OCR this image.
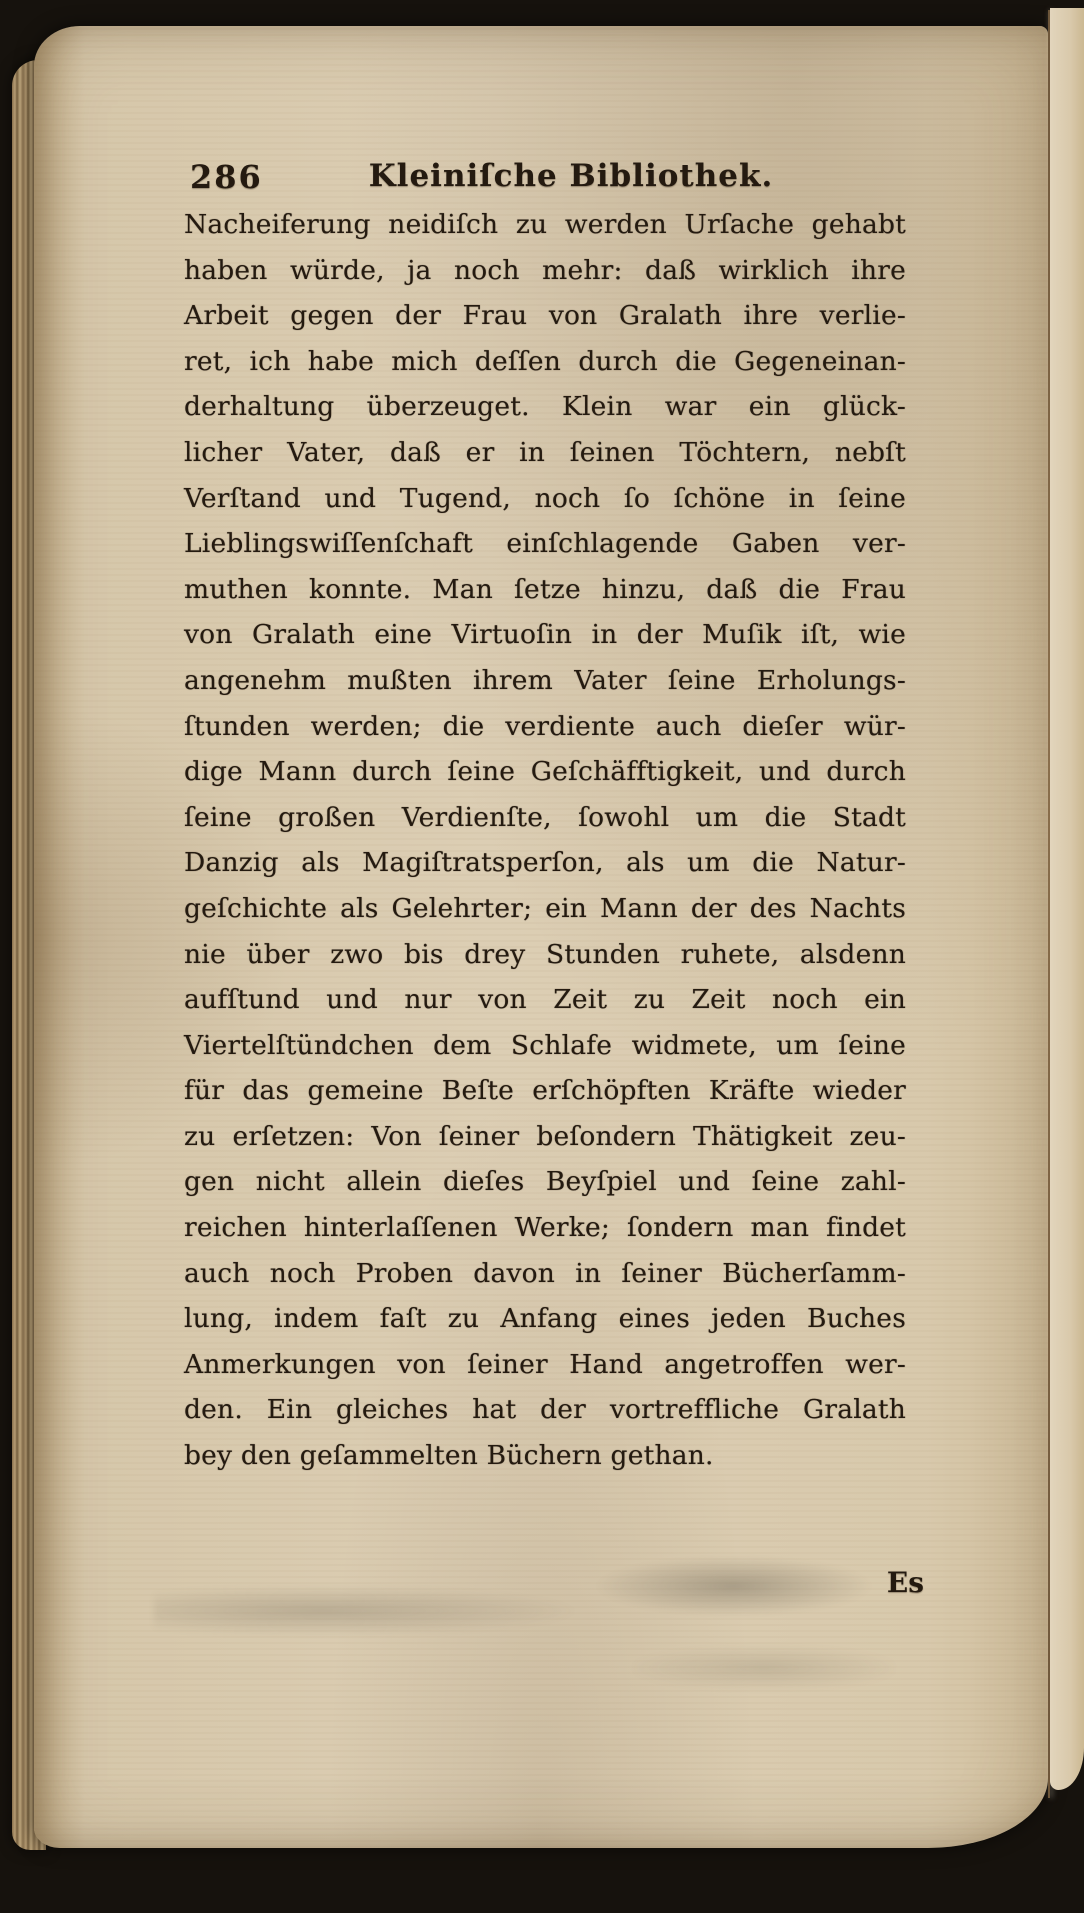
286	Kleiniſche Bibliothek.
Nacheiferung neidiſch zu werden Urſache gehabt
haben würde, ja noch mehr: daß wirklich ihre
Arbeit gegen der Frau von Gralath ihre verlie-
ret, ich habe mich deſſen durch die Gegeneinan-
derhaltung überzeuget. Klein war ein glück-
licher Vater, daß er in ſeinen Töchtern, nebſt
Verſtand und Tugend, noch ſo ſchöne in ſeine
Lieblingswiſſenſchaft einſchlagende Gaben ver-
muthen konnte. Man ſetze hinzu, daß die Frau
von Gralath eine Virtuoſin in der Muſik iſt, wie
angenehm mußten ihrem Vater ſeine Erholungs-
ſtunden werden; die verdiente auch dieſer wür-
dige Mann durch ſeine Geſchäfftigkeit, und durch
ſeine großen Verdienſte, ſowohl um die Stadt
Danzig als Magiſtratsperſon, als um die Natur-
geſchichte als Gelehrter; ein Mann der des Nachts
nie über zwo bis drey Stunden ruhete, alsdenn
aufſtund und nur von Zeit zu Zeit noch ein
Viertelſtündchen dem Schlafe widmete, um ſeine
für das gemeine Beſte erſchöpften Kräfte wieder
zu erſetzen: Von ſeiner beſondern Thätigkeit zeu-
gen nicht allein dieſes Beyſpiel und ſeine zahl-
reichen hinterlaſſenen Werke; ſondern man findet
auch noch Proben davon in ſeiner Bücherſamm-
lung, indem faſt zu Anfang eines jeden Buches
Anmerkungen von ſeiner Hand angetroffen wer-
den. Ein gleiches hat der vortreffliche Gralath
bey den geſammelten Büchern gethan.
Es
